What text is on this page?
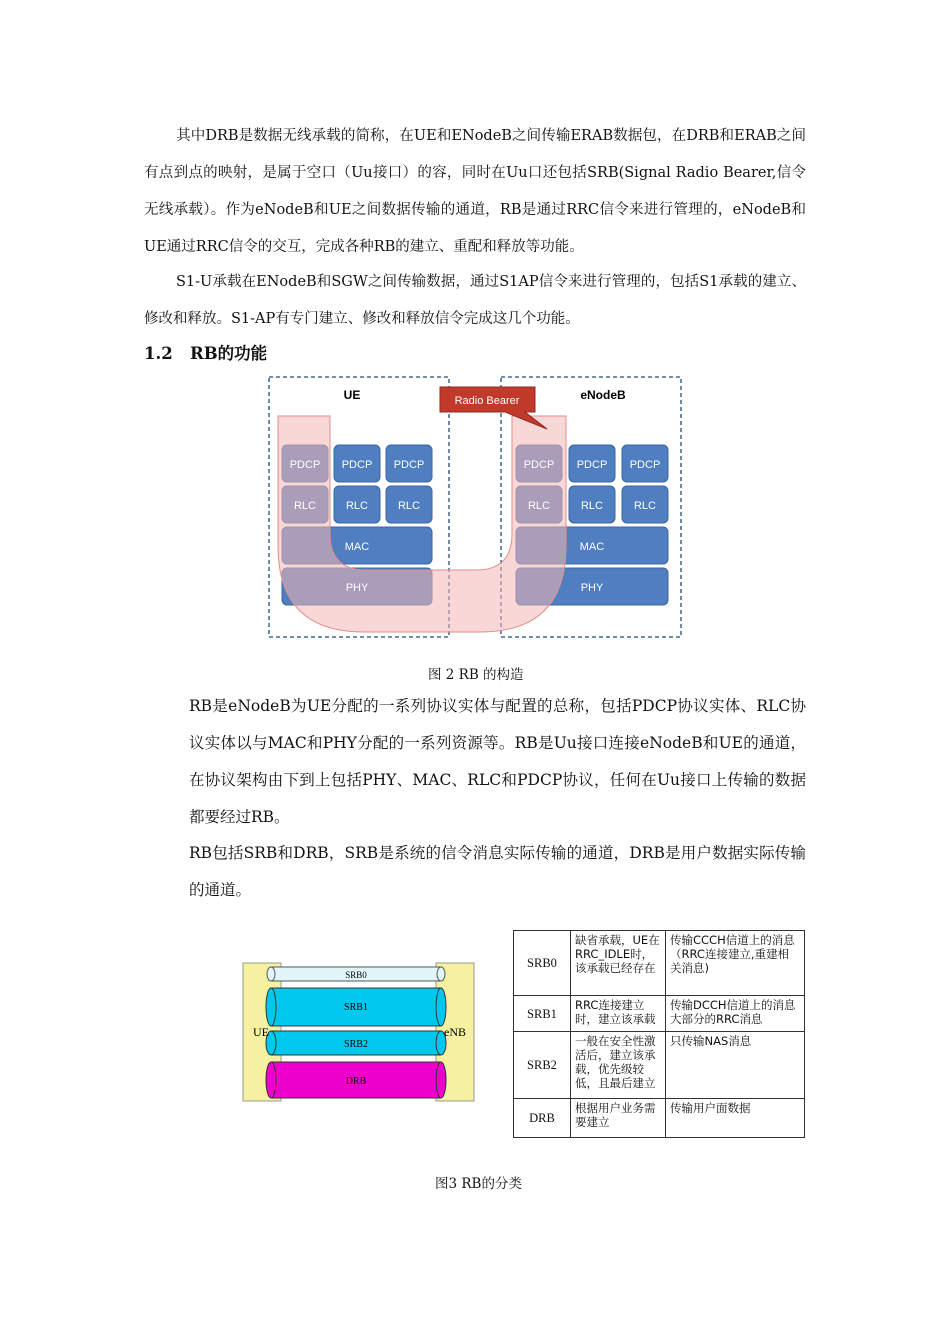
其中DRB是数据无线承载的简称，在UE和ENodeB之间传输ERAB数据包，在DRB和ERAB之间有点到点的映射，是属于空口（Uu接口）的容，同时在Uu口还包括SRB(Signal Radio Bearer,信令无线承载）。作为eNodeB和UE之间数据传输的通道，RB是通过RRC信令来进行管理的，eNodeB和UE通过RRC信令的交互，完成各种RB的建立、重配和释放等功能。

S1-U承载在ENodeB和SGW之间传输数据，通过S1AP信令来进行管理的，包括S1承载的建立、修改和释放。S1-AP有专门建立、修改和释放信令完成这几个功能。

1.2 RB的功能
UE	eNodeB
Radio Bearer
PDCP PDCP PDCP
RLC	RLC	RLC
MAC
PHY
PDCP PDCP PDCP
RLC	RLC	RLC
MAC
PHY
图 2 RB 的构造

RB是eNodeB为UE分配的一系列协议实体与配置的总称，包括PDCP协议实体、RLC协议实体以与MAC和PHY分配的一系列资源等。RB是Uu接口连接eNodeB和UE的通道，在协议架构由下到上包括PHY、MAC、RLC和PDCP协议，任何在Uu接口上传输的数据都要经过RB。

RB包括SRB和DRB，SRB是系统的信令消息实际传输的通道，DRB是用户数据实际传输的通道。

SRB0
SRB1
SRB2
DRB
UE	eNB
SRB0	缺省承载，UE在RRC_IDLE时，该承载已经存在	传输CCCH信道上的消息（RRC连接建立,重建相关消息)
SRB1	RRC连接建立时，建立该承载	传输DCCH信道上的消息大部分的RRC消息
SRB2	一般在安全性激活后，建立该承载，优先级较低，且最后建立	只传输NAS消息
DRB	根据用户业务需要建立	传输用户面数据
图3 RB的分类
